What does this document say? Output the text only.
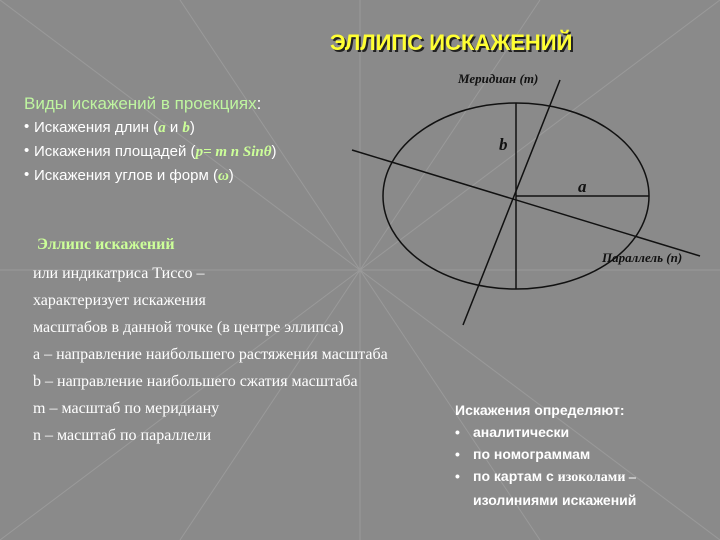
ЭЛЛИПС ИСКАЖЕНИЙ
Виды искажений в проекциях:
• Искажения длин (a и b)
• Искажения площадей (p= m n Sinθ)
• Искажения углов и форм (ω)
Меридиан (m)
Параллель (n)
b
a
Эллипс искажений
или индикатриса Тиссо –
характеризует искажения
масштабов в данной точке (в центре эллипса)
a – направление наибольшего растяжения масштаба
b – направление наибольшего сжатия масштаба
m – масштаб по меридиану
n – масштаб по параллели
Искажения определяют:
• аналитически
• по номограммам
• по картам с изоколами –
изолиниями искажений
